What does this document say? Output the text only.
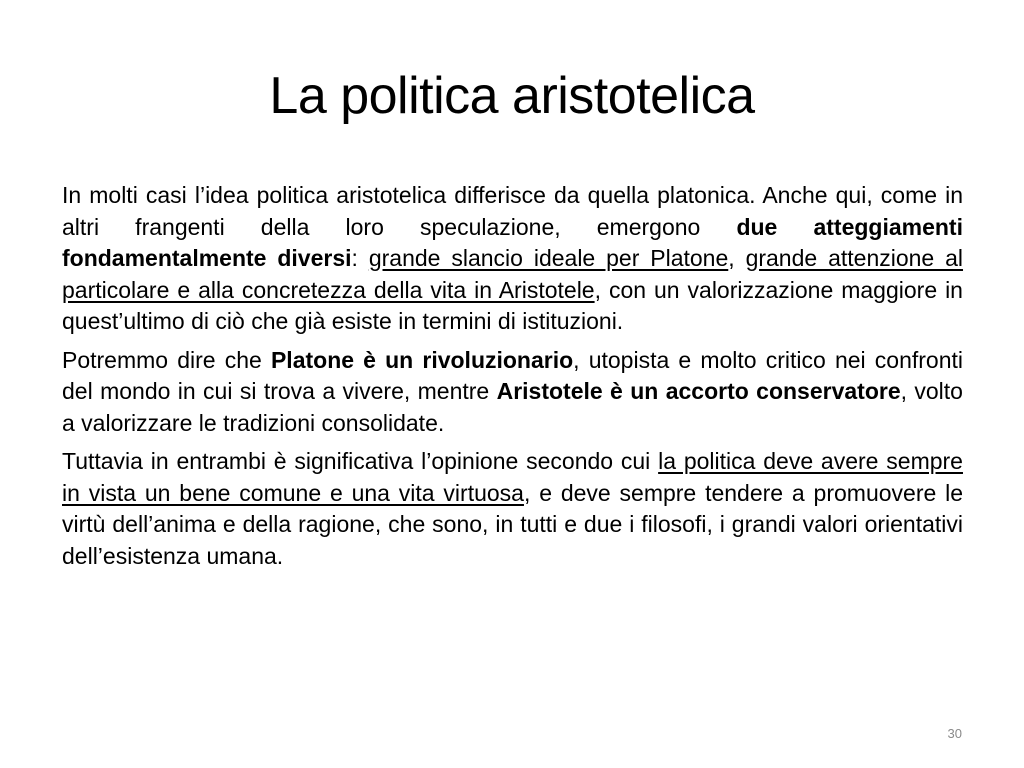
La politica aristotelica

In molti casi l’idea politica aristotelica differisce da quella platonica. Anche qui, come in altri frangenti della loro speculazione, emergono due atteggiamenti fondamentalmente diversi: grande slancio ideale per Platone, grande attenzione al particolare e alla concretezza della vita in Aristotele, con un valorizzazione maggiore in quest’ultimo di ciò che già esiste in termini di istituzioni.

Potremmo dire che Platone è un rivoluzionario, utopista e molto critico nei confronti del mondo in cui si trova a vivere, mentre Aristotele è un accorto conservatore, volto a valorizzare le tradizioni consolidate.

Tuttavia in entrambi è significativa l’opinione secondo cui la politica deve avere sempre in vista un bene comune e una vita virtuosa, e deve sempre tendere a promuovere le virtù dell’anima e della ragione, che sono, in tutti e due i filosofi, i grandi valori orientativi dell’esistenza umana.

30
